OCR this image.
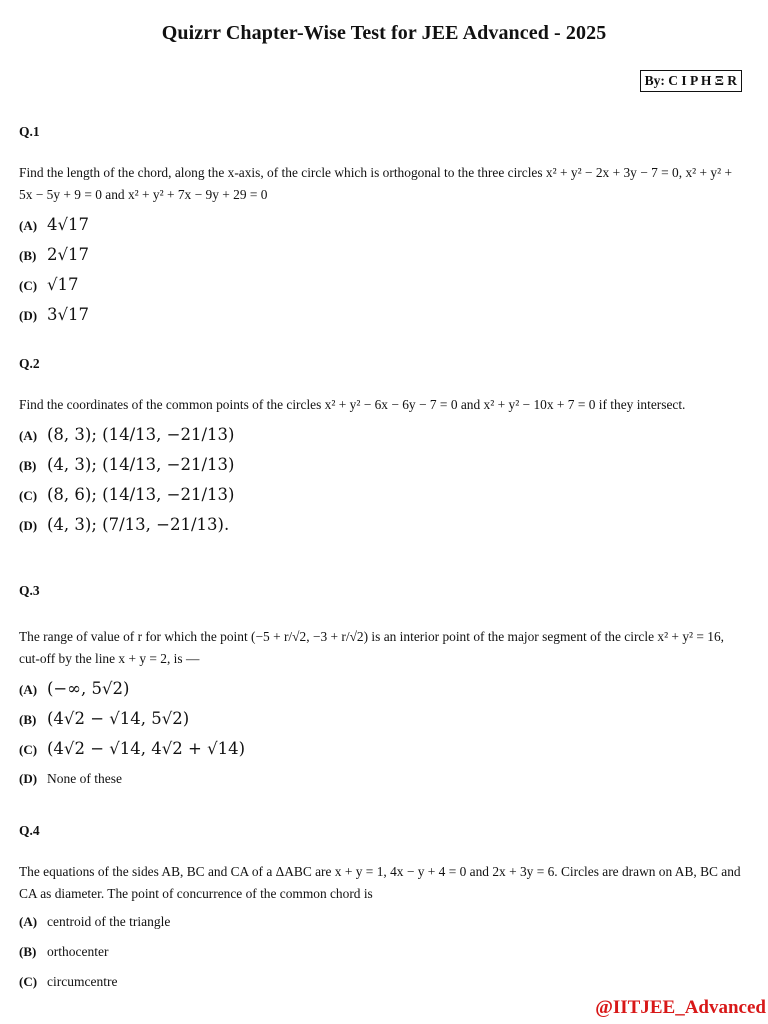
Quizrr Chapter-Wise Test for JEE Advanced - 2025
By: C I P H Ξ R
Q.1
Find the length of the chord, along the x-axis, of the circle which is orthogonal to the three circles x² + y² − 2x + 3y − 7 = 0, x² + y² + 5x − 5y + 9 = 0 and x² + y² + 7x − 9y + 29 = 0
(A) 4√17
(B) 2√17
(C) √17
(D) 3√17
Q.2
Find the coordinates of the common points of the circles x² + y² − 6x − 6y − 7 = 0 and x² + y² − 10x + 7 = 0 if they intersect.
(A) (8, 3); (14/13, −21/13)
(B) (4, 3); (14/13, −21/13)
(C) (8, 6); (14/13, −21/13)
(D) (4, 3); (7/13, −21/13).
Q.3
The range of value of r for which the point (−5 + r/√2, −3 + r/√2) is an interior point of the major segment of the circle x² + y² = 16, cut-off by the line x + y = 2, is —
(A) (−∞, 5√2)
(B) (4√2 − √14, 5√2)
(C) (4√2 − √14, 4√2 + √14)
(D) None of these
Q.4
The equations of the sides AB, BC and CA of a ΔABC are x + y = 1, 4x − y + 4 = 0 and 2x + 3y = 6. Circles are drawn on AB, BC and CA as diameter. The point of concurrence of the common chord is
(A) centroid of the triangle
(B) orthocenter
(C) circumcentre
@IITJEE_Advanced
